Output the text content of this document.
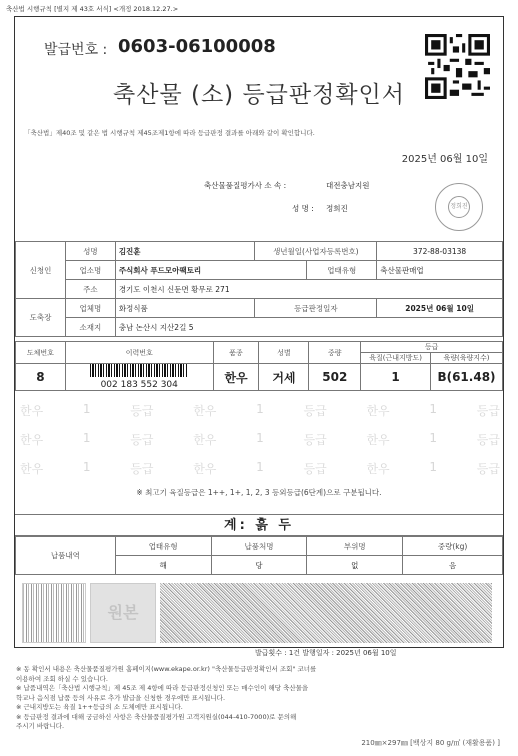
축산법 시행규칙 [별지 제 43호 서식] <개정 2018.12.27.>
발급번호 : 0603-06100008
축산물 (소) 등급판정확인서
「축산법」제40조 및 같은 법 시행규칙 제45조제1항에 따라 등급판정 결과를 아래와 같이 확인합니다.
2025년 06월 10일
축산물품질평가사 소 속 :	대전충남지원
성 명 : 정희진	정희진
신청인	성명	김진훈	생년월일(사업자등록번호)		372-88-03138
	업소명	주식회사 푸드모아팩토리		업태유형	축산물판매업
	주소	경기도 이천시 신둔면 황무로 271			
도축장	업체명	화정식품	등급판정일자		2025년 06월 10일
	소재지	충남 논산시 지산2길 5			
도체번호	이력번호	품종	성별	중량	등급	
					육질(근내지방도)	육량(육량지수)
8	002 183 552 304	한우	거세	502	1	B(61.48)
한우	1	등급	한우	1	등급	한우	1	등급
한우	1	등급	한우	1	등급	한우	1	등급
한우	1	등급	한우	1	등급	한우	1	등급
※ 최고기 육질등급은 1++, 1+, 1, 2, 3 등외등급(6단계)으로 구분됩니다.
계: 흙 두
납품내역	업태유형	납품처명	부위명	중량(kg)
	해	당	없	음
원본
발급횟수 : 1건 발행일자 : 2025년 06월 10일
※ 동 확인서 내용은 축산물품질평가원 홈페이지(www.ekape.or.kr) "축산물등급판정확인서 조회" 코너를
이용하여 조회 하실 수 있습니다.
※ 납품내역은「축산법 시행규칙」제 45조 제 4항에 따라 등급판정신청인 또는 매수인이 해당 축산물을
학교나 음식점 납품 등의 사유로 추가 발급을 신청한 경우에만 표시됩니다.
※ 근내지방도는 육질 1++등급의 소 도체에만 표시됩니다.
※ 등급판정 결과에 대해 궁금하신 사항은 축산물품질평가원 고객지원실(044-410-7000)로 문의해
주시기 바랍니다.
210㎜×297㎜ [백상지 80 g/㎡ (재활용품) ]
